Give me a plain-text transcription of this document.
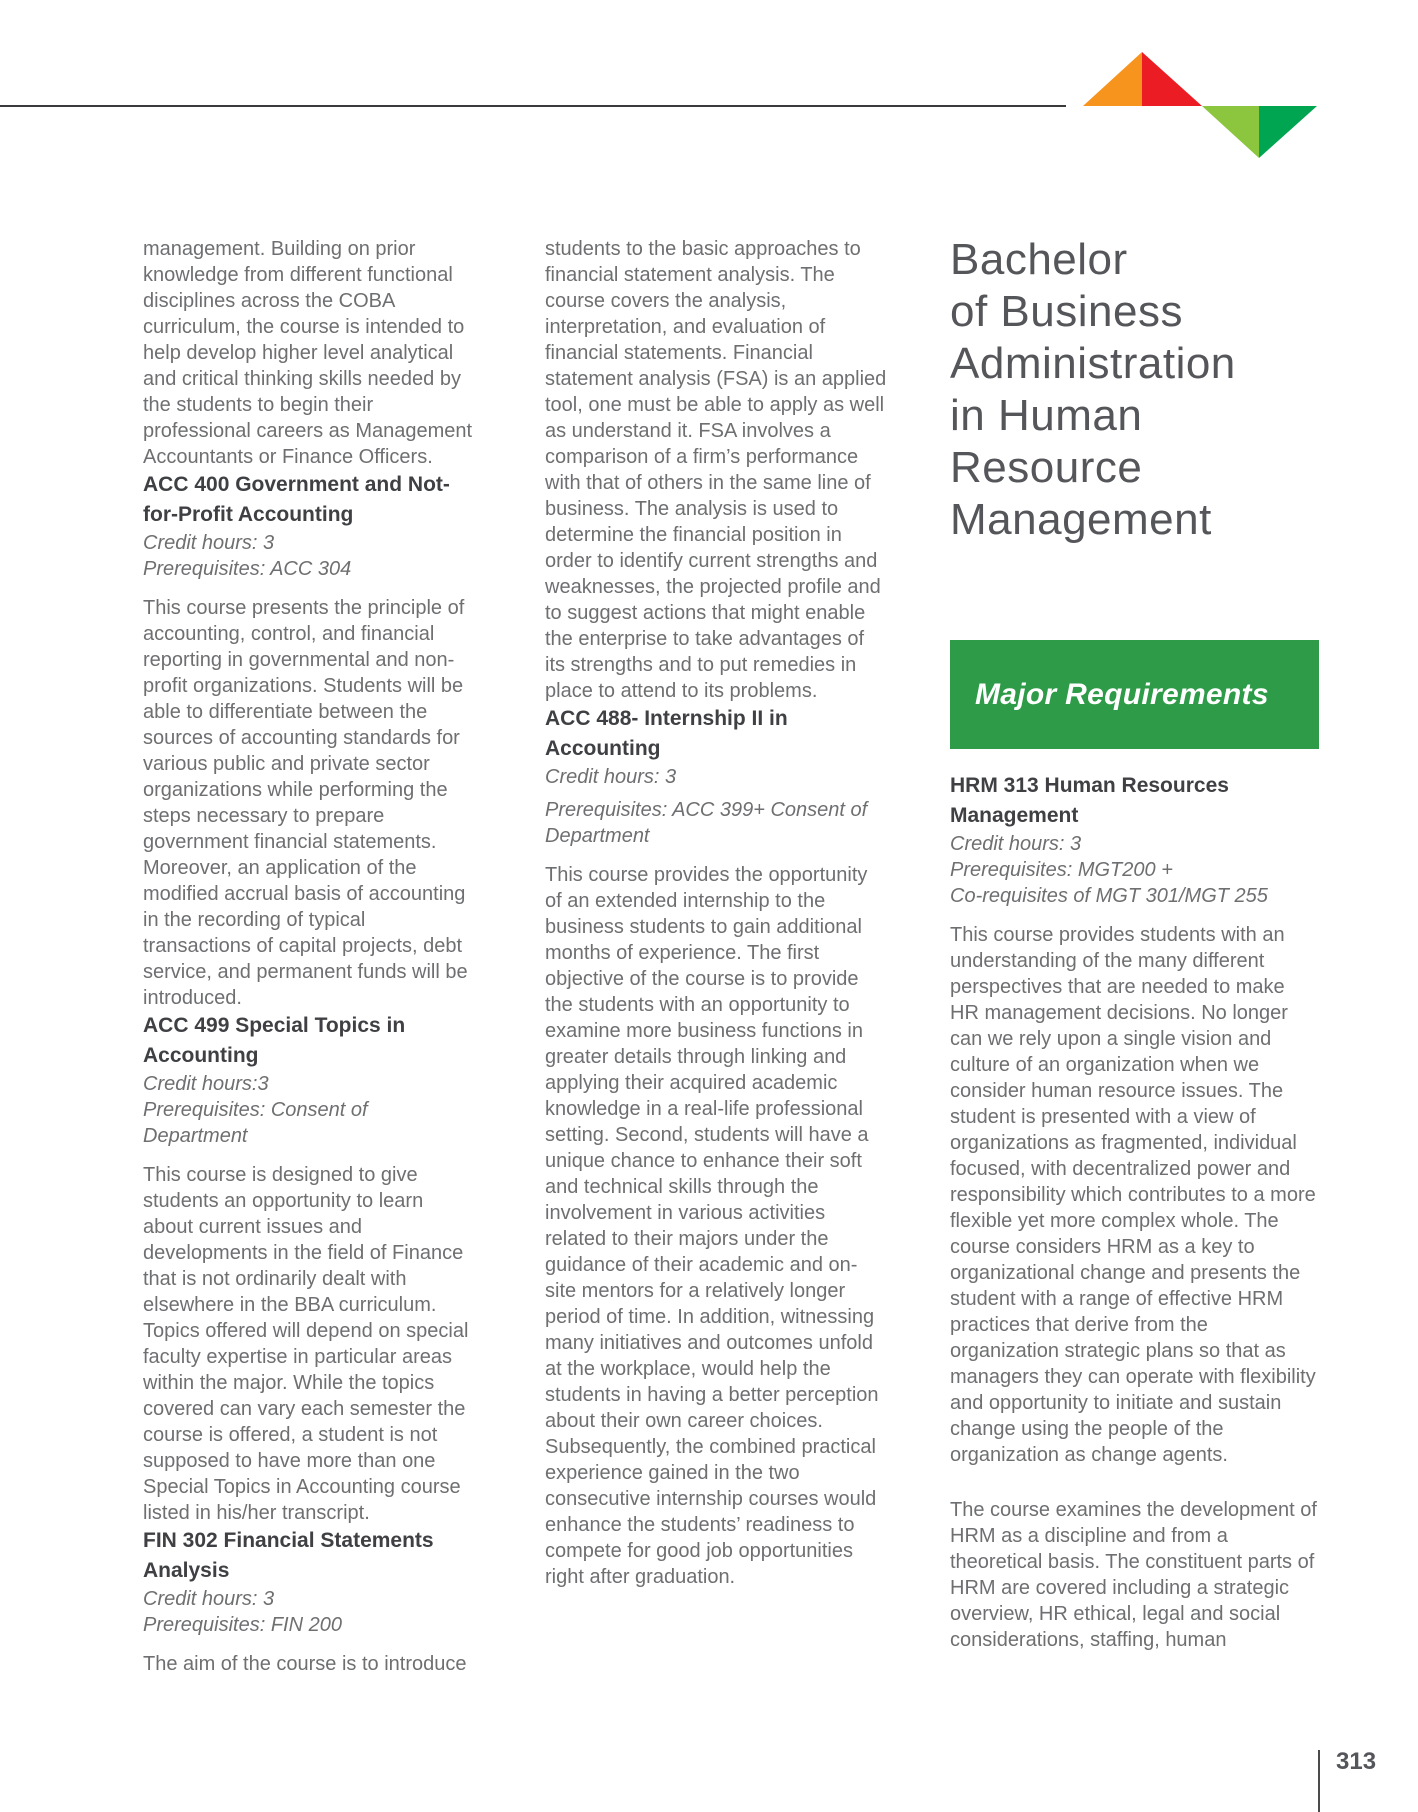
management. Building on prior knowledge from different functional disciplines across the COBA curriculum, the course is intended to help develop higher level analytical and critical thinking skills needed by the students to begin their professional careers as Management Accountants or Finance Officers.

ACC 400 Government and Not-for-Profit Accounting

Credit hours: 3

Prerequisites: ACC 304

This course presents the principle of accounting, control, and financial reporting in governmental and non-profit organizations. Students will be able to differentiate between the sources of accounting standards for various public and private sector organizations while performing the steps necessary to prepare government financial statements. Moreover, an application of the modified accrual basis of accounting in the recording of typical transactions of capital projects, debt service, and permanent funds will be introduced.

ACC 499 Special Topics in Accounting

Credit hours:3

Prerequisites: Consent of Department

This course is designed to give students an opportunity to learn about current issues and developments in the field of Finance that is not ordinarily dealt with elsewhere in the BBA curriculum. Topics offered will depend on special faculty expertise in particular areas within the major. While the topics covered can vary each semester the course is offered, a student is not supposed to have more than one Special Topics in Accounting course listed in his/her transcript.

FIN 302 Financial Statements Analysis

Credit hours: 3

Prerequisites: FIN 200

The aim of the course is to introduce

students to the basic approaches to financial statement analysis. The course covers the analysis, interpretation, and evaluation of financial statements. Financial statement analysis (FSA) is an applied tool, one must be able to apply as well as understand it. FSA involves a comparison of a firm’s performance with that of others in the same line of business. The analysis is used to determine the financial position in order to identify current strengths and weaknesses, the projected profile and to suggest actions that might enable the enterprise to take advantages of its strengths and to put remedies in place to attend to its problems.

ACC 488- Internship II in Accounting

Credit hours: 3

Prerequisites: ACC 399+ Consent of Department

This course provides the opportunity of an extended internship to the business students to gain additional months of experience. The first objective of the course is to provide the students with an opportunity to examine more business functions in greater details through linking and applying their acquired academic knowledge in a real-life professional setting. Second, students will have a unique chance to enhance their soft and technical skills through the involvement in various activities related to their majors under the guidance of their academic and on-site mentors for a relatively longer period of time. In addition, witnessing many initiatives and outcomes unfold at the workplace, would help the students in having a better perception about their own career choices. Subsequently, the combined practical experience gained in the two consecutive internship courses would enhance the students’ readiness to compete for good job opportunities right after graduation.

Bachelor
of Business
Administration
in Human
Resource
Management
Major Requirements

HRM 313 Human Resources Management

Credit hours: 3

Prerequisites: MGT200 +

Co-requisites of MGT 301/MGT 255

This course provides students with an understanding of the many different perspectives that are needed to make HR management decisions. No longer can we rely upon a single vision and culture of an organization when we consider human resource issues. The student is presented with a view of organizations as fragmented, individual focused, with decentralized power and responsibility which contributes to a more flexible yet more complex whole. The course considers HRM as a key to organizational change and presents the student with a range of effective HRM practices that derive from the organization strategic plans so that as managers they can operate with flexibility and opportunity to initiate and sustain change using the people of the organization as change agents.

The course examines the development of HRM as a discipline and from a theoretical basis. The constituent parts of HRM are covered including a strategic overview, HR ethical, legal and social considerations, staffing, human

313
